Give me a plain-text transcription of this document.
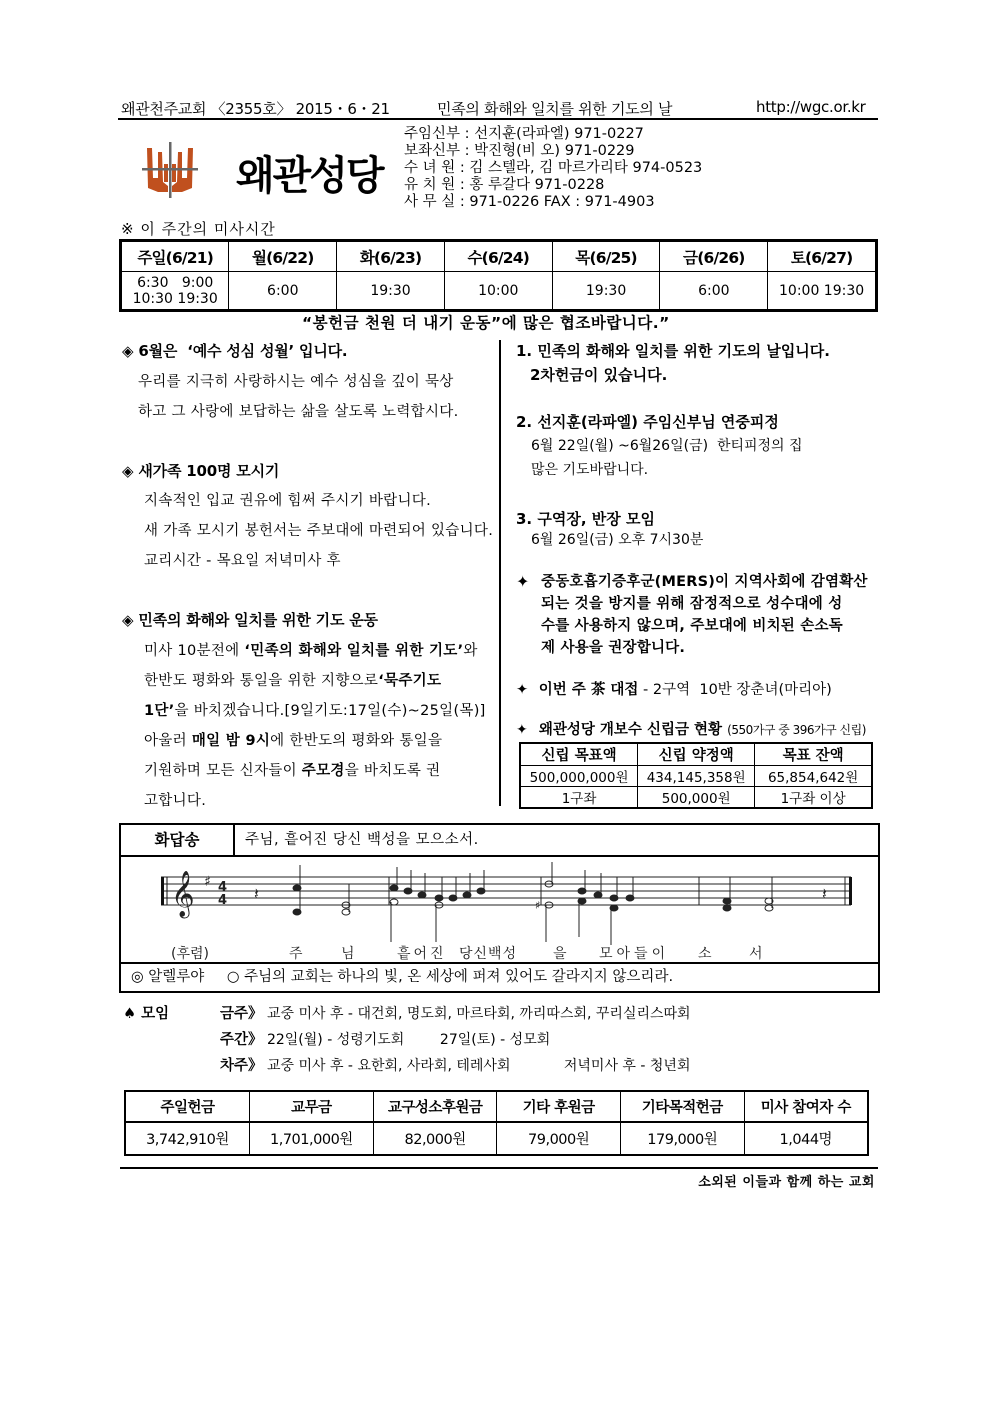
왜관천주교회 〈2355호〉 2015・6・21	민족의 화해와 일치를 위한 기도의 날	http://wgc.or.kr
왜관성당
주임신부 : 선지훈(라파엘) 971-0227
보좌신부 : 박진형(비 오) 971-0229
수 녀 원 : 김 스텔라, 김 마르가리타 974-0523
유 치 원 : 홍 루갈다 971-0228
사 무 실 : 971-0226 FAX : 971-4903
※ 이 주간의 미사시간
주일(6/21)	월(6/22)	화(6/23)	수(6/24)	목(6/25)	금(6/26)	토(6/27)

6:30   9:00
10:30 19:30	6:00	19:30	10:00	19:30	6:00	10:00 19:30
“봉헌금 천원 더 내기 운동”에 많은 협조바랍니다.”
◈ 6월은  ‘예수 성심 성월’ 입니다.
우리를 지극히 사랑하시는 예수 성심을 깊이 묵상
하고 그 사랑에 보답하는 삶을 살도록 노력합시다.
◈ 새가족 100명 모시기
지속적인 입교 권유에 힘써 주시기 바랍니다.
새 가족 모시기 봉헌서는 주보대에 마련되어 있습니다.
교리시간 - 목요일 저녁미사 후
◈ 민족의 화해와 일치를 위한 기도 운동
미사 10분전에 ‘민족의 화해와 일치를 위한 기도’와
한반도 평화와 통일을 위한 지향으로‘묵주기도
1단’을 바치겠습니다.[9일기도:17일(수)~25일(목)]
아울러 매일 밤 9시에 한반도의 평화와 통일을
기원하며 모든 신자들이 주모경을 바치도록 권
고합니다.
1. 민족의 화해와 일치를 위한 기도의 날입니다.
2차헌금이 있습니다.
2. 선지훈(라파엘) 주임신부님 연중피정
6월 22일(월) ~6월26일(금)  한티피정의 집
많은 기도바랍니다.
3. 구역장, 반장 모임
6월 26일(금) 오후 7시30분
✦ 중동호흡기증후군(MERS)이 지역사회에 감염확산
되는 것을 방지를 위해 잠정적으로 성수대에 성
수를 사용하지 않으며, 주보대에 비치된 손소독
제 사용을 권장합니다.
✦ 이번 주 茶 대접 - 2구역  10반 장춘녀(마리아)
✦ 왜관성당 개보수 신립금 현황 (550가구 중 396가구 신립)
신립 목표액	신립 약정액	목표 잔액
500,000,000원	434,145,358원	65,854,642원
1구좌	500,000원	1구좌 이상
화답송	주님, 흩어진 당신 백성을 모으소서.
𝄞 ♯ 4
4 𝄽	𝄽
♯
(후렴)	주	님	흩어진 당신백성	을 모아들이 소	서
◎ 알렐루야 ○ 주님의 교회는 하나의 빛, 온 세상에 퍼져 있어도 갈라지지 않으리라.
♠ 모임	금주》 교중 미사 후 - 대건회, 명도회, 마르타회, 까리따스회, 꾸리실리스따회
주간》 22일(월) - 성령기도회        27일(토) - 성모회
차주》 교중 미사 후 - 요한회, 사라회, 테레사회            저녁미사 후 - 청년회
주일헌금	교무금	교구성소후원금	기타 후원금	기타목적헌금	미사 참여자 수
3,742,910원	1,701,000원	82,000원	79,000원	179,000원	1,044명
소외된 이들과 함께 하는 교회
